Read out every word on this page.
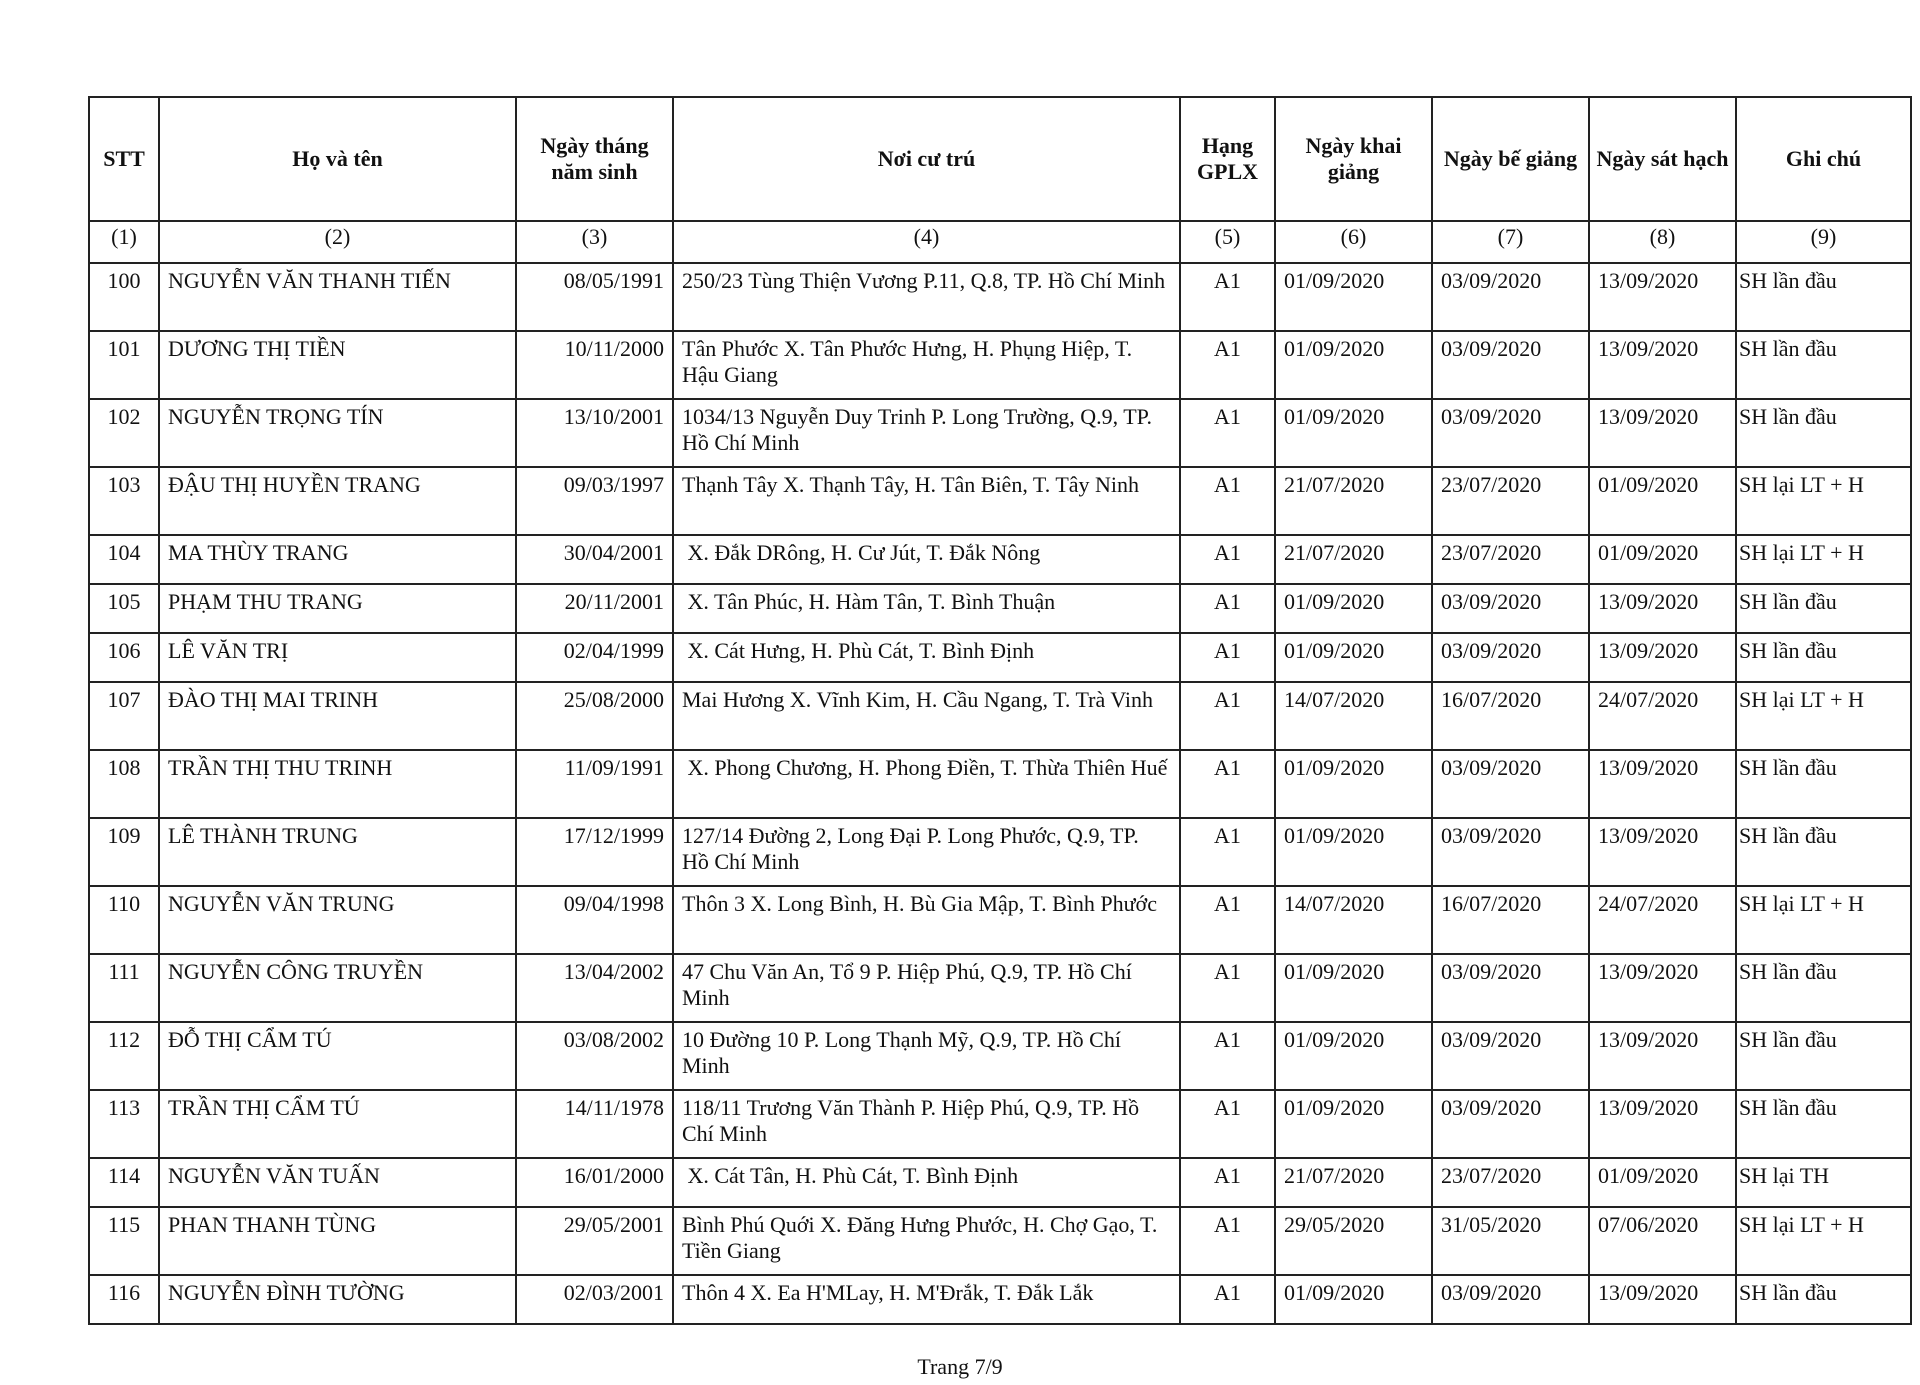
STT	Họ và tên	Ngày tháng năm sinh	Nơi cư trú	Hạng GPLX	Ngày khai giảng	Ngày bế giảng	Ngày sát hạch	Ghi chú
(1)	(2)	(3)	(4)	(5)	(6)	(7)	(8)	(9)
100	NGUYỄN VĂN THANH TIẾN	08/05/1991	250/23 Tùng Thiện Vương P.11, Q.8, TP. Hồ Chí Minh	A1	01/09/2020	03/09/2020	13/09/2020	SH lần đầu
101	DƯƠNG THỊ TIỀN	10/11/2000	Tân Phước X. Tân Phước Hưng, H. Phụng Hiệp, T. Hậu Giang	A1	01/09/2020	03/09/2020	13/09/2020	SH lần đầu
102	NGUYỄN TRỌNG TÍN	13/10/2001	1034/13 Nguyễn Duy Trinh P. Long Trường, Q.9, TP. Hồ Chí Minh	A1	01/09/2020	03/09/2020	13/09/2020	SH lần đầu
103	ĐẬU THỊ HUYỀN TRANG	09/03/1997	Thạnh Tây X. Thạnh Tây, H. Tân Biên, T. Tây Ninh	A1	21/07/2020	23/07/2020	01/09/2020	SH lại LT + H
104	MA THÙY TRANG	30/04/2001	X. Đắk DRông, H. Cư Jút, T. Đắk Nông	A1	21/07/2020	23/07/2020	01/09/2020	SH lại LT + H
105	PHẠM THU TRANG	20/11/2001	X. Tân Phúc, H. Hàm Tân, T. Bình Thuận	A1	01/09/2020	03/09/2020	13/09/2020	SH lần đầu
106	LÊ VĂN TRỊ	02/04/1999	X. Cát Hưng, H. Phù Cát, T. Bình Định	A1	01/09/2020	03/09/2020	13/09/2020	SH lần đầu
107	ĐÀO THỊ MAI TRINH	25/08/2000	Mai Hương X. Vĩnh Kim, H. Cầu Ngang, T. Trà Vinh	A1	14/07/2020	16/07/2020	24/07/2020	SH lại LT + H
108	TRẦN THỊ THU TRINH	11/09/1991	X. Phong Chương, H. Phong Điền, T. Thừa Thiên Huế	A1	01/09/2020	03/09/2020	13/09/2020	SH lần đầu
109	LÊ THÀNH TRUNG	17/12/1999	127/14 Đường 2, Long Đại P. Long Phước, Q.9, TP. Hồ Chí Minh	A1	01/09/2020	03/09/2020	13/09/2020	SH lần đầu
110	NGUYỄN VĂN TRUNG	09/04/1998	Thôn 3 X. Long Bình, H. Bù Gia Mập, T. Bình Phước	A1	14/07/2020	16/07/2020	24/07/2020	SH lại LT + H
111	NGUYỄN CÔNG TRUYỀN	13/04/2002	47 Chu Văn An, Tổ 9 P. Hiệp Phú, Q.9, TP. Hồ Chí Minh	A1	01/09/2020	03/09/2020	13/09/2020	SH lần đầu
112	ĐỖ THỊ CẨM TÚ	03/08/2002	10 Đường 10 P. Long Thạnh Mỹ, Q.9, TP. Hồ Chí Minh	A1	01/09/2020	03/09/2020	13/09/2020	SH lần đầu
113	TRẦN THỊ CẨM TÚ	14/11/1978	118/11 Trương Văn Thành P. Hiệp Phú, Q.9, TP. Hồ Chí Minh	A1	01/09/2020	03/09/2020	13/09/2020	SH lần đầu
114	NGUYỄN VĂN TUẤN	16/01/2000	X. Cát Tân, H. Phù Cát, T. Bình Định	A1	21/07/2020	23/07/2020	01/09/2020	SH lại TH
115	PHAN THANH TÙNG	29/05/2001	Bình Phú Quới X. Đăng Hưng Phước, H. Chợ Gạo, T. Tiền Giang	A1	29/05/2020	31/05/2020	07/06/2020	SH lại LT + H
116	NGUYỄN ĐÌNH TƯỜNG	02/03/2001	Thôn 4 X. Ea H'MLay, H. M'Đrắk, T. Đắk Lắk	A1	01/09/2020	03/09/2020	13/09/2020	SH lần đầu
Trang 7/9
